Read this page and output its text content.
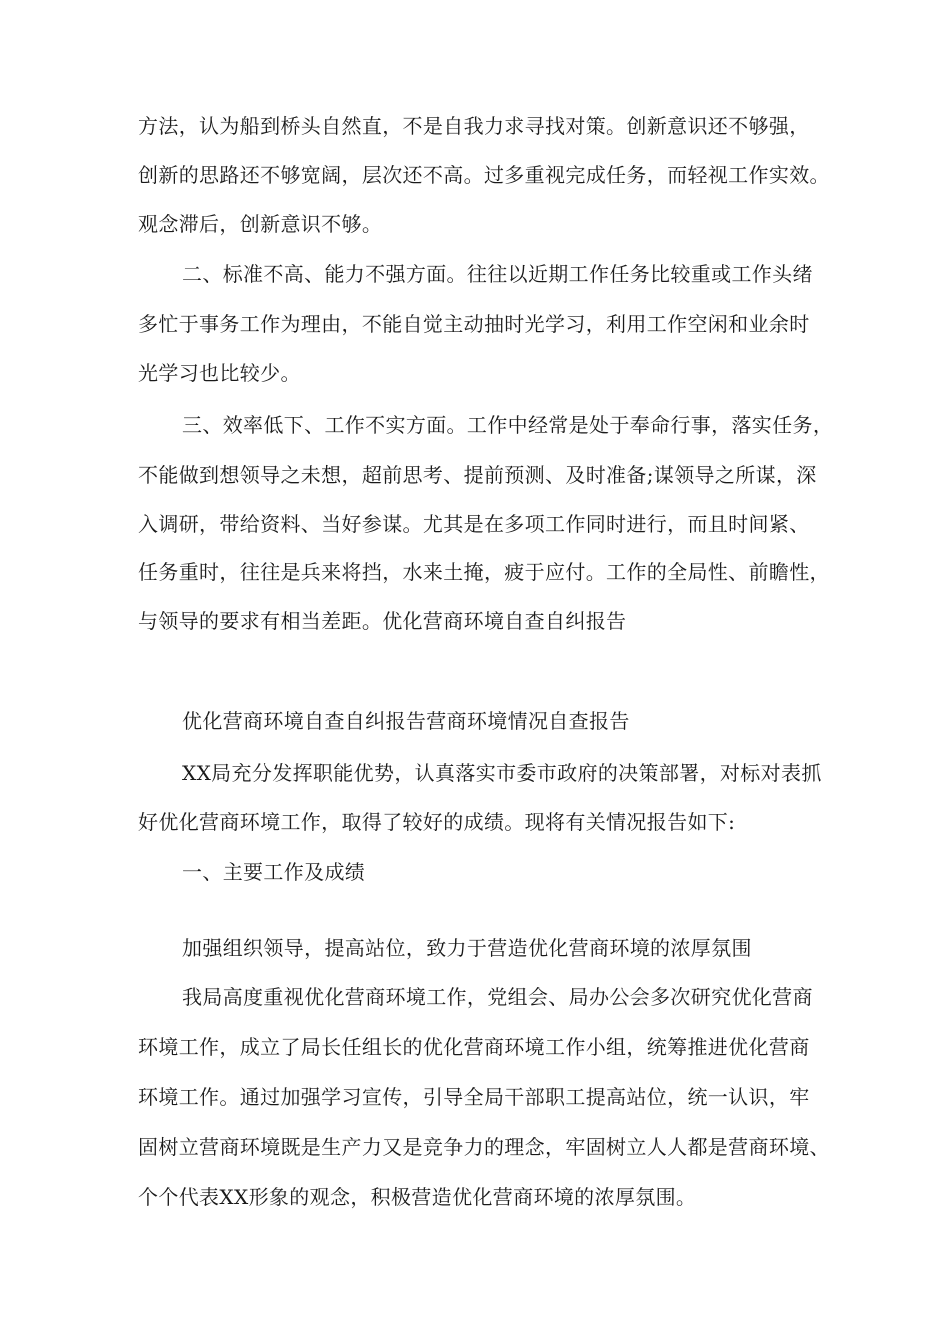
方法，认为船到桥头自然直，不是自我力求寻找对策。创新意识还不够强，

创新的思路还不够宽阔，层次还不高。过多重视完成任务，而轻视工作实效。

观念滞后，创新意识不够。

二、标准不高、能力不强方面。往往以近期工作任务比较重或工作头绪

多忙于事务工作为理由，不能自觉主动抽时光学习，利用工作空闲和业余时

光学习也比较少。

三、效率低下、工作不实方面。工作中经常是处于奉命行事，落实任务，

不能做到想领导之未想，超前思考、提前预测、及时准备;谋领导之所谋，深

入调研，带给资料、当好参谋。尤其是在多项工作同时进行，而且时间紧、

任务重时，往往是兵来将挡，水来土掩，疲于应付。工作的全局性、前瞻性，

与领导的要求有相当差距。优化营商环境自查自纠报告

优化营商环境自查自纠报告营商环境情况自查报告

XX局充分发挥职能优势，认真落实市委市政府的决策部署，对标对表抓

好优化营商环境工作，取得了较好的成绩。现将有关情况报告如下:

一、主要工作及成绩

加强组织领导，提高站位，致力于营造优化营商环境的浓厚氛围

我局高度重视优化营商环境工作，党组会、局办公会多次研究优化营商

环境工作，成立了局长任组长的优化营商环境工作小组，统筹推进优化营商

环境工作。通过加强学习宣传，引导全局干部职工提高站位，统一认识，牢

固树立营商环境既是生产力又是竞争力的理念，牢固树立人人都是营商环境、

个个代表XX形象的观念，积极营造优化营商环境的浓厚氛围。
